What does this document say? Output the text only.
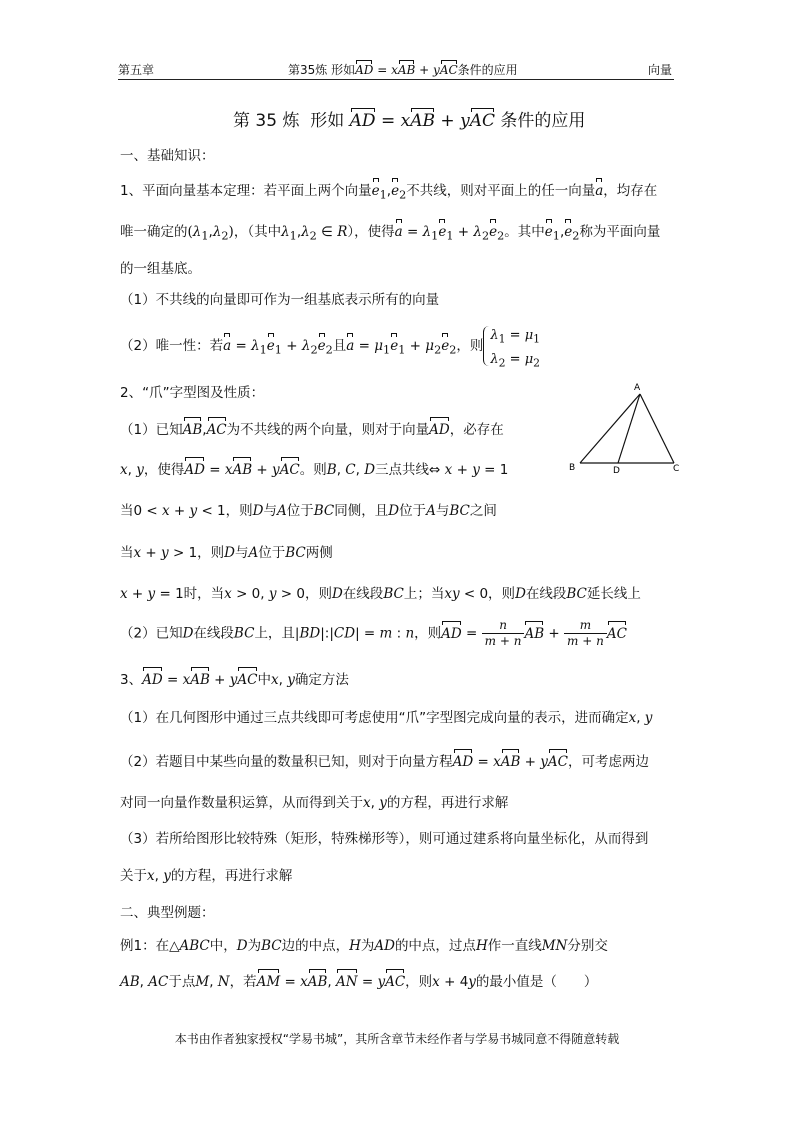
第五章	第35炼 形如AD = xAB + yAC条件的应用	向量
第 35 炼  形如 AD = xAB + yAC 条件的应用
一、基础知识：
1、平面向量基本定理：若平面上两个向量$e_1,e_2$不共线，则对平面上的任一向量a，均存在
唯一确定的$(\lambda_1,\lambda_2)$，（其中$\lambda_1,\lambda_2$ ∈ R），使得$a = \lambda_1e_1 + \lambda_2e_2$。其中$e_1,e_2$称为平面向量
的一组基底。
（1）不共线的向量即可作为一组基底表示所有的向量
（2）唯一性：若$a = \lambda_1e_1 + \lambda_2e_2$且$a = \mu_1e_1 + \mu_2e_2$，则
$\lambda_1 = \mu_1$
$\lambda_2 = \mu_2$
2、“爪”字型图及性质：
（1）已知AB,AC为不共线的两个向量，则对于向量AD，必存在
x, y，使得AD = xAB + yAC。则B, C, D三点共线⇔ x + y = 1
当0 < x + y < 1，则D与A位于BC同侧，且D位于A与BC之间
当x + y > 1，则D与A位于BC两侧
x + y = 1时，当x > 0, y > 0，则D在线段BC上；当xy < 0，则D在线段BC延长线上
（2）已知D在线段BC上，且|BD|:|CD| = m : n，则AD = $\frac{n}{m + n}$ AB + $\frac{m}{m + n}$ AC
3、AD = xAB + yAC中x, y确定方法
（1）在几何图形中通过三点共线即可考虑使用“爪”字型图完成向量的表示，进而确定x, y
（2）若题目中某些向量的数量积已知，则对于向量方程AD = xAB + yAC，可考虑两边
对同一向量作数量积运算，从而得到关于x, y的方程，再进行求解
（3）若所给图形比较特殊（矩形，特殊梯形等），则可通过建系将向量坐标化，从而得到
关于x, y的方程，再进行求解
二、典型例题：
例1：在△ABC中，D为BC边的中点，H为AD的中点，过点H作一直线MN分别交
AB, AC于点M, N，若AM = xAB, AN = yAC，则x + 4y的最小值是（　　）
A
B	D	C
本书由作者独家授权“学易书城”，其所含章节未经作者与学易书城同意不得随意转载
